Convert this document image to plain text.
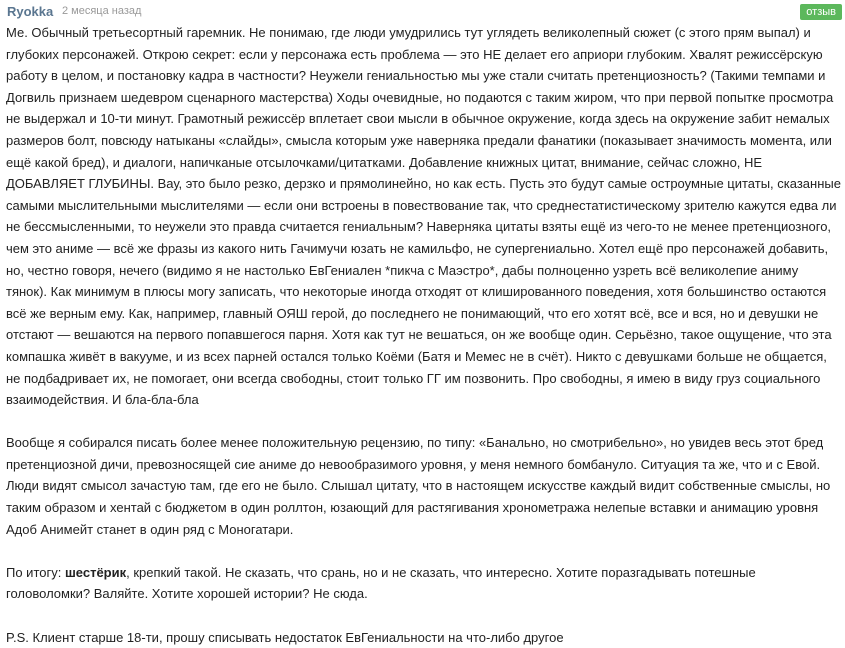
Ryokka 2 месяца назад	отзыв

Ме. Обычный третьесортный гаремник. Не понимаю, где люди умудрились тут углядеть великолепный сюжет (с этого прям выпал) и глубоких персонажей. Открою секрет: если у персонажа есть проблема — это НЕ делает его априори глубоким. Хвалят режиссёрскую работу в целом, и постановку кадра в частности? Неужели гениальностью мы уже стали считать претенциозность? (Такими темпами и Догвиль признаем шедевром сценарного мастерства) Ходы очевидные, но подаются с таким жиром, что при первой попытке просмотра не выдержал и 10-ти минут. Грамотный режиссёр вплетает свои мысли в обычное окружение, когда здесь на окружение забит немалых размеров болт, повсюду натыканы «слайды», смысла которым уже наверняка предали фанатики (показывает значимость момента, или ещё какой бред), и диалоги, напичканые отсылочками/цитатками. Добавление книжных цитат, внимание, сейчас сложно, НЕ ДОБАВЛЯЕТ ГЛУБИНЫ. Вау, это было резко, дерзко и прямолинейно, но как есть. Пусть это будут самые остроумные цитаты, сказанные самыми мыслительными мыслителями — если они встроены в повествование так, что среднестатистическому зрителю кажутся едва ли не бессмысленными, то неужели это правда считается гениальным? Наверняка цитаты взяты ещё из чего-то не менее претенциозного, чем это аниме — всё же фразы из какого нить Гачимучи юзать не камильфо, не супергениально. Хотел ещё про персонажей добавить, но, честно говоря, нечего (видимо я не настолько ЕвГениален *пикча с Маэстро*, дабы полноценно узреть всё великолепие аниму тянок). Как минимум в плюсы могу записать, что некоторые иногда отходят от клишированного поведения, хотя большинство остаются всё же верным ему. Как, например, главный ОЯШ герой, до последнего не понимающий, что его хотят всё, все и вся, но и девушки не отстают — вешаются на первого попавшегося парня. Хотя как тут не вешаться, он же вообще один. Серьёзно, такое ощущение, что эта компашка живёт в вакууме, и из всех парней остался только Коёми (Батя и Мемес не в счёт). Никто с девушками больше не общается, не подбадривает их, не помогает, они всегда свободны, стоит только ГГ им позвонить. Про свободны, я имею в виду груз социального взаимодействия. И бла-бла-бла

Вообще я собирался писать более менее положительную рецензию, по типу: «Банально, но смотрибельно», но увидев весь этот бред претенциозной дичи, превозносящей сие аниме до невообразимого уровня, у меня немного бомбануло. Ситуация та же, что и с Евой. Люди видят смысол зачастую там, где его не было. Слышал цитату, что в настоящем искусстве каждый видит собственные смыслы, но таким образом и хентай с бюджетом в один роллтон, юзающий для растягивания хронометража нелепые вставки и анимацию уровня Адоб Анимейт станет в один ряд с Моногатари.

По итогу: шестёрик, крепкий такой. Не сказать, что срань, но и не сказать, что интересно. Хотите поразгадывать потешные головоломки? Валяйте. Хотите хорошей истории? Не сюда.

P.S. Клиент старше 18-ти, прошу списывать недостаток ЕвГениальности на что-либо другое
